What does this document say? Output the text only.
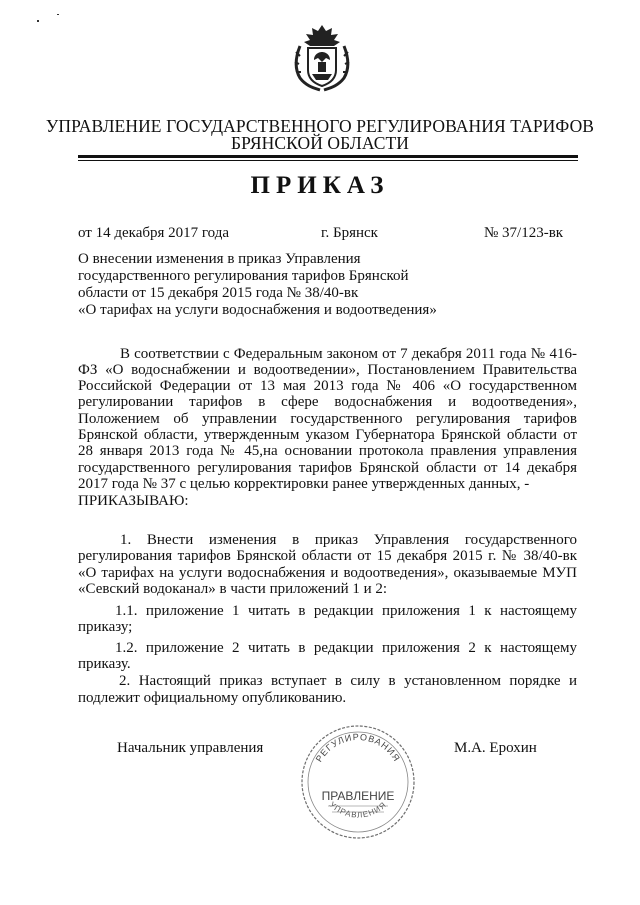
УПРАВЛЕНИЕ ГОСУДАРСТВЕННОГО РЕГУЛИРОВАНИЯ ТАРИФОВ
БРЯНСКОЙ ОБЛАСТИ
ПРИКАЗ
от 14 декабря 2017 года	г. Брянск	№ 37/123-вк
О внесении изменения в приказ Управления
государственного регулирования тарифов Брянской
области от 15 декабря 2015 года № 38/40-вк
«О тарифах на услуги водоснабжения и водоотведения»
В соответствии с Федеральным законом от 7 декабря 2011 года № 416-
ФЗ «О водоснабжении и водоотведении», Постановлением Правительства
Российской Федерации от 13 мая 2013 года № 406 «О государственном
регулировании тарифов в сфере водоснабжения и водоотведения»,
Положением об управлении государственного регулирования тарифов
Брянской области, утвержденным указом Губернатора Брянской области от
28 января 2013 года № 45,на основании протокола правления управления
государственного регулирования тарифов Брянской области от 14 декабря
2017 года № 37 с целью корректировки ранее утвержденных данных, -
ПРИКАЗЫВАЮ:
1. Внести изменения в приказ Управления государственного
регулирования тарифов Брянской области от 15 декабря 2015 г. № 38/40-вк
«О тарифах на услуги водоснабжения и водоотведения», оказываемые МУП
«Севский водоканал» в части приложений 1 и 2:
1.1. приложение 1 читать в редакции приложения 1 к настоящему
приказу;
1.2. приложение 2 читать в редакции приложения 2 к настоящему
приказу.
2. Настоящий приказ вступает в силу в установленном порядке и
подлежит официальному опубликованию.
Начальник управления	М.А. Ерохин
РЕГУЛИРОВАНИЯ
УПРАВЛЕНИЯ
ПРАВЛЕНИЕ
